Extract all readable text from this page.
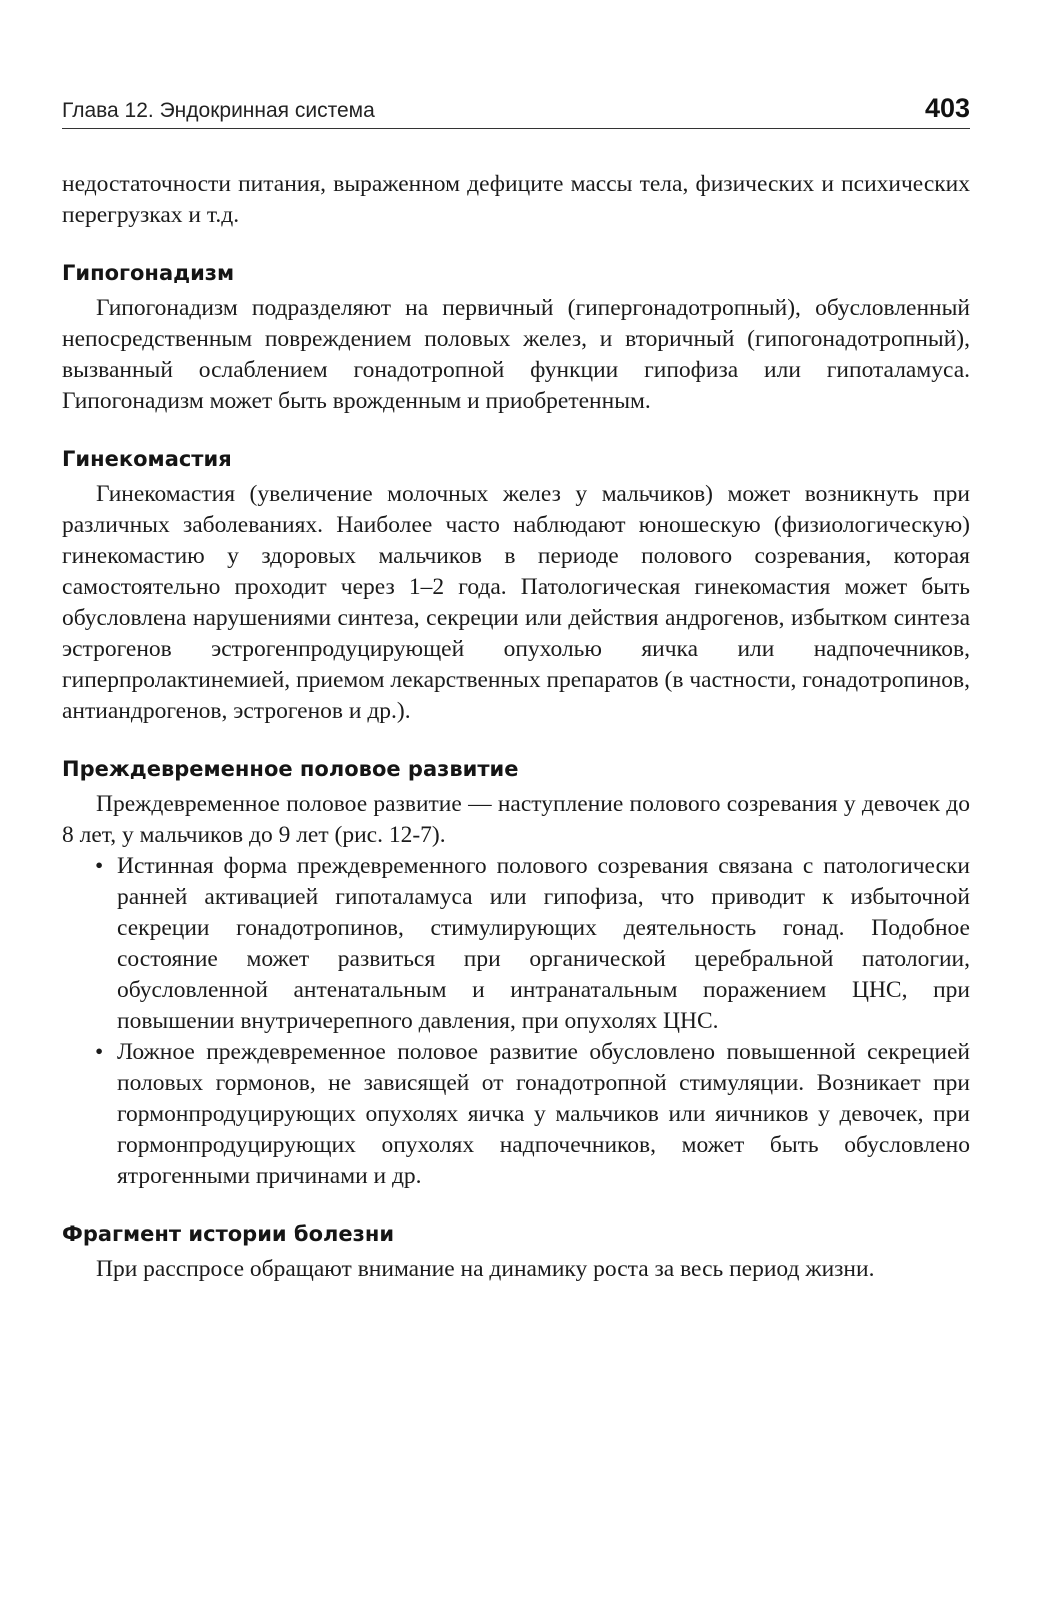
Глава 12. Эндокринная система	403

недостаточности питания, выраженном дефиците массы тела, физических и психических перегрузках и т.д.

Гипогонадизм

Гипогонадизм подразделяют на первичный (гипергонадотропный), обусловленный непосредственным повреждением половых желез, и вторичный (гипогонадотропный), вызванный ослаблением гонадотропной функции гипофиза или гипоталамуса. Гипогонадизм может быть врожденным и приобретенным.

Гинекомастия

Гинекомастия (увеличение молочных желез у мальчиков) может возникнуть при различных заболеваниях. Наиболее часто наблюдают юношескую (физиологическую) гинекомастию у здоровых мальчиков в периоде полового созревания, которая самостоятельно проходит через 1–2 года. Патологическая гинекомастия может быть обусловлена нарушениями синтеза, секреции или действия андрогенов, избытком синтеза эстрогенов эстрогенпродуцирующей опухолью яичка или надпочечников, гиперпролактинемией, приемом лекарственных препаратов (в частности, гонадотропинов, антиандрогенов, эстрогенов и др.).

Преждевременное половое развитие

Преждевременное половое развитие — наступление полового созревания у девочек до 8 лет, у мальчиков до 9 лет (рис. 12-7).

• Истинная форма преждевременного полового созревания связана с патологически ранней активацией гипоталамуса или гипофиза, что приводит к избыточной секреции гонадотропинов, стимулирующих деятельность гонад. Подобное состояние может развиться при органической церебральной патологии, обусловленной антенатальным и интранатальным поражением ЦНС, при повышении внутричерепного давления, при опухолях ЦНС.
• Ложное преждевременное половое развитие обусловлено повышенной секрецией половых гормонов, не зависящей от гонадотропной стимуляции. Возникает при гормонпродуцирующих опухолях яичка у мальчиков или яичников у девочек, при гормонпродуцирующих опухолях надпочечников, может быть обусловлено ятрогенными причинами и др.
Фрагмент истории болезни

При расспросе обращают внимание на динамику роста за весь период жизни.
